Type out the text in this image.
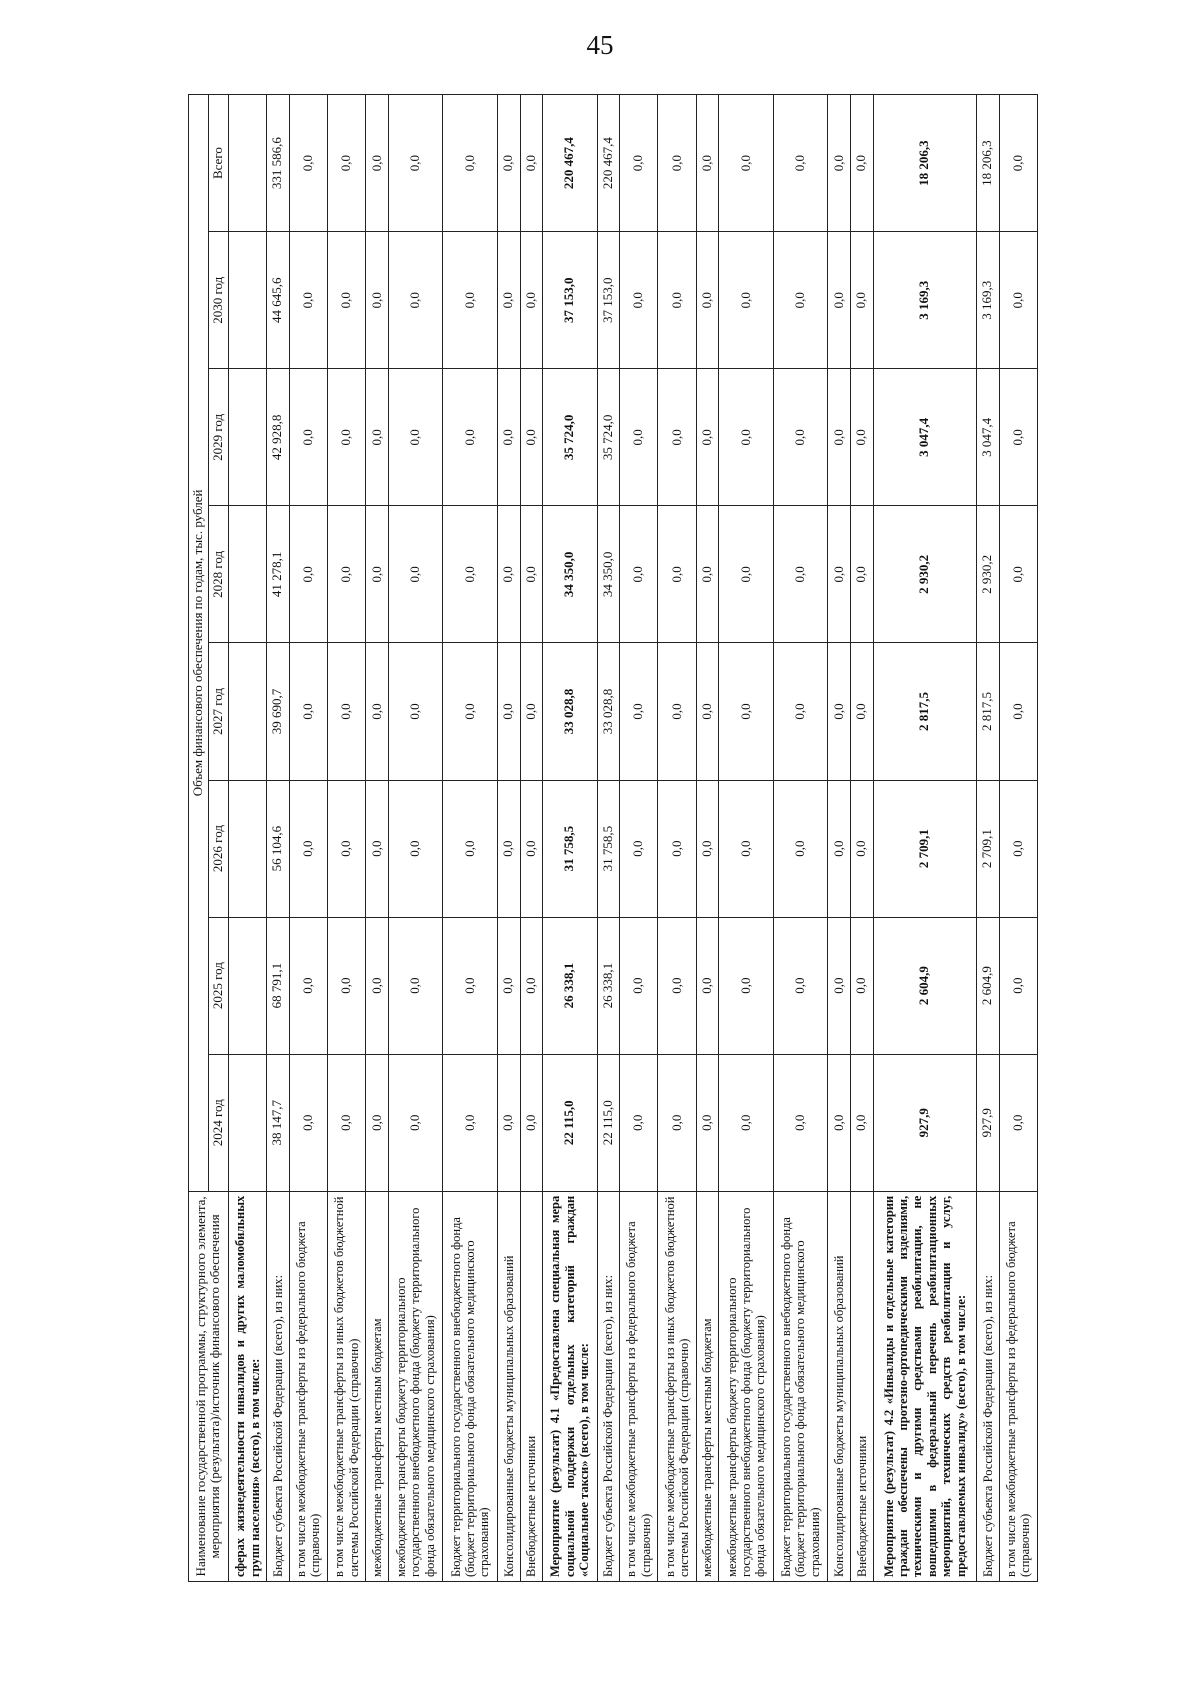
45
Наименование государственной программы, структурного элемента, мероприятия (результата)/источник финансового обеспечения	Объем финансового обеспечения по годам, тыс. рублей							
	2024 год	2025 год	2026 год	2027 год	2028 год	2029 год	2030 год	Всего
сферах жизнедеятельности инвалидов и других маломобильных групп населения» (всего), в том числе:								
Бюджет субъекта Российской Федерации (всего), из них:	38 147,7	68 791,1	56 104,6	39 690,7	41 278,1	42 928,8	44 645,6	331 586,6
в том числе межбюджетные трансферты из федерального бюджета (справочно)	0,0	0,0	0,0	0,0	0,0	0,0	0,0	0,0
в том числе межбюджетные трансферты из иных бюджетов бюджетной системы Российской Федерации (справочно)	0,0	0,0	0,0	0,0	0,0	0,0	0,0	0,0
межбюджетные трансферты местным бюджетам	0,0	0,0	0,0	0,0	0,0	0,0	0,0	0,0
межбюджетные трансферты бюджету территориального государственного внебюджетного фонда (бюджету территориального фонда обязательного медицинского страхования)	0,0	0,0	0,0	0,0	0,0	0,0	0,0	0,0
Бюджет территориального государственного внебюджетного фонда (бюджет территориального фонда обязательного медицинского страхования)	0,0	0,0	0,0	0,0	0,0	0,0	0,0	0,0
Консолидированные бюджеты муниципальных образований	0,0	0,0	0,0	0,0	0,0	0,0	0,0	0,0
Внебюджетные источники	0,0	0,0	0,0	0,0	0,0	0,0	0,0	0,0
Мероприятие (результат) 4.1 «Предоставлена специальная мера социальной поддержки отдельных категорий граждан «Социальное такси» (всего), в том числе:	22 115,0	26 338,1	31 758,5	33 028,8	34 350,0	35 724,0	37 153,0	220 467,4
Бюджет субъекта Российской Федерации (всего), из них:	22 115,0	26 338,1	31 758,5	33 028,8	34 350,0	35 724,0	37 153,0	220 467,4
в том числе межбюджетные трансферты из федерального бюджета (справочно)	0,0	0,0	0,0	0,0	0,0	0,0	0,0	0,0
в том числе межбюджетные трансферты из иных бюджетов бюджетной системы Российской Федерации (справочно)	0,0	0,0	0,0	0,0	0,0	0,0	0,0	0,0
межбюджетные трансферты местным бюджетам	0,0	0,0	0,0	0,0	0,0	0,0	0,0	0,0
межбюджетные трансферты бюджету территориального государственного внебюджетного фонда (бюджету территориального фонда обязательного медицинского страхования)	0,0	0,0	0,0	0,0	0,0	0,0	0,0	0,0
Бюджет территориального государственного внебюджетного фонда (бюджет территориального фонда обязательного медицинского страхования)	0,0	0,0	0,0	0,0	0,0	0,0	0,0	0,0
Консолидированные бюджеты муниципальных образований	0,0	0,0	0,0	0,0	0,0	0,0	0,0	0,0
Внебюджетные источники	0,0	0,0	0,0	0,0	0,0	0,0	0,0	0,0
Мероприятие (результат) 4.2 «Инвалиды и отдельные категории граждан обеспечены протезно-ортопедическими изделиями, техническими и другими средствами реабилитации, не вошедшими в федеральный перечень реабилитационных мероприятий, технических средств реабилитации и услуг, предоставляемых инвалиду» (всего), в том числе:	927,9	2 604,9	2 709,1	2 817,5	2 930,2	3 047,4	3 169,3	18 206,3
Бюджет субъекта Российской Федерации (всего), из них:	927,9	2 604,9	2 709,1	2 817,5	2 930,2	3 047,4	3 169,3	18 206,3
в том числе межбюджетные трансферты из федерального бюджета (справочно)	0,0	0,0	0,0	0,0	0,0	0,0	0,0	0,0
